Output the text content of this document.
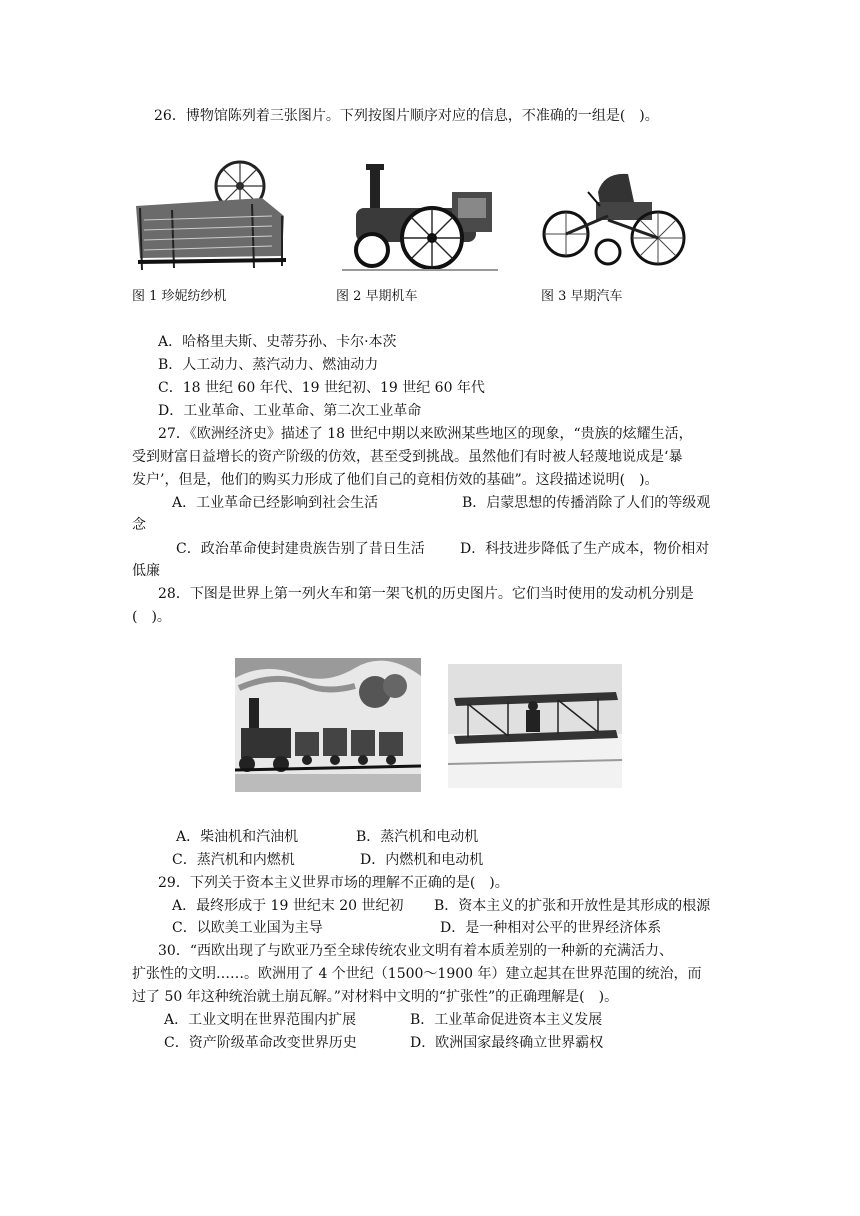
26．博物馆陈列着三张图片。下列按图片顺序对应的信息，不准确的一组是(　)。
图 1 珍妮纺纱机	图 2 早期机车	图 3 早期汽车
A．哈格里夫斯、史蒂芬孙、卡尔·本茨
B．人工动力、蒸汽动力、燃油动力
C．18 世纪 60 年代、19 世纪初、19 世纪 60 年代
D．工业革命、工业革命、第二次工业革命
27．《欧洲经济史》描述了 18 世纪中期以来欧洲某些地区的现象，“贵族的炫耀生活，
受到财富日益增长的资产阶级的仿效，甚至受到挑战。虽然他们有时被人轻蔑地说成是‘暴
发户’，但是，他们的购买力形成了他们自己的竟相仿效的基础”。这段描述说明(　)。
A．工业革命已经影响到社会生活	B．启蒙思想的传播消除了人们的等级观
念
C．政治革命使封建贵族告别了昔日生活	D．科技进步降低了生产成本，物价相对
低廉
28．下图是世界上第一列火车和第一架飞机的历史图片。它们当时使用的发动机分别是
(　)。
A．柴油机和汽油机	B．蒸汽机和电动机
C．蒸汽机和内燃机	D．内燃机和电动机
29．下列关于资本主义世界市场的理解不正确的是(　)。
A．最终形成于 19 世纪末 20 世纪初 B．资本主义的扩张和开放性是其形成的根源
C．以欧美工业国为主导	D．是一种相对公平的世界经济体系
30．“西欧出现了与欧亚乃至全球传统农业文明有着本质差别的一种新的充满活力、
扩张性的文明……。欧洲用了 4 个世纪（1500～1900 年）建立起其在世界范围的统治，而
过了 50 年这种统治就土崩瓦解。”对材料中文明的“扩张性”的正确理解是(　)。
A．工业文明在世界范围内扩展	B．工业革命促进资本主义发展
C．资产阶级革命改变世界历史	D．欧洲国家最终确立世界霸权
